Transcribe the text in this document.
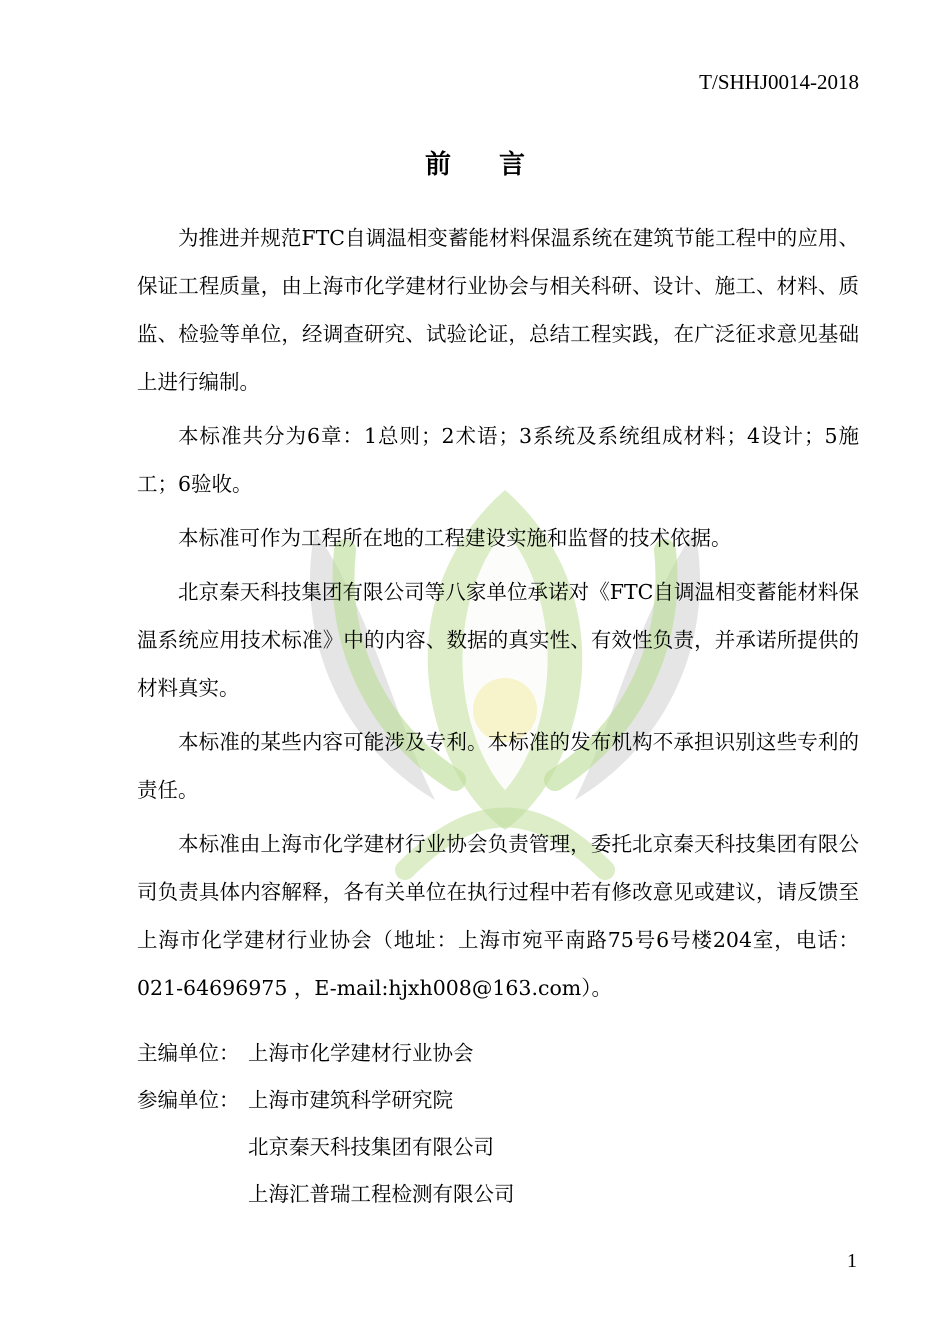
T/SHHJ0014-2018
前 言

为推进并规范FTC自调温相变蓄能材料保温系统在建筑节能工程中的应用、保证工程质量，由上海市化学建材行业协会与相关科研、设计、施工、材料、质监、检验等单位，经调查研究、试验论证，总结工程实践，在广泛征求意见基础上进行编制。

本标准共分为6章：1总则；2术语；3系统及系统组成材料；4设计；5施工；6验收。

本标准可作为工程所在地的工程建设实施和监督的技术依据。

北京秦天科技集团有限公司等八家单位承诺对《FTC自调温相变蓄能材料保温系统应用技术标准》中的内容、数据的真实性、有效性负责，并承诺所提供的材料真实。

本标准的某些内容可能涉及专利。本标准的发布机构不承担识别这些专利的责任。

本标准由上海市化学建材行业协会负责管理，委托北京秦天科技集团有限公司负责具体内容解释，各有关单位在执行过程中若有修改意见或建议，请反馈至上海市化学建材行业协会（地址：上海市宛平南路75号6号楼204室，电话：021-64696975 ，E-mail:hjxh008@163.com）。

主编单位： 上海市化学建材行业协会
参编单位： 上海市建筑科学研究院
北京秦天科技集团有限公司
上海汇普瑞工程检测有限公司
1
